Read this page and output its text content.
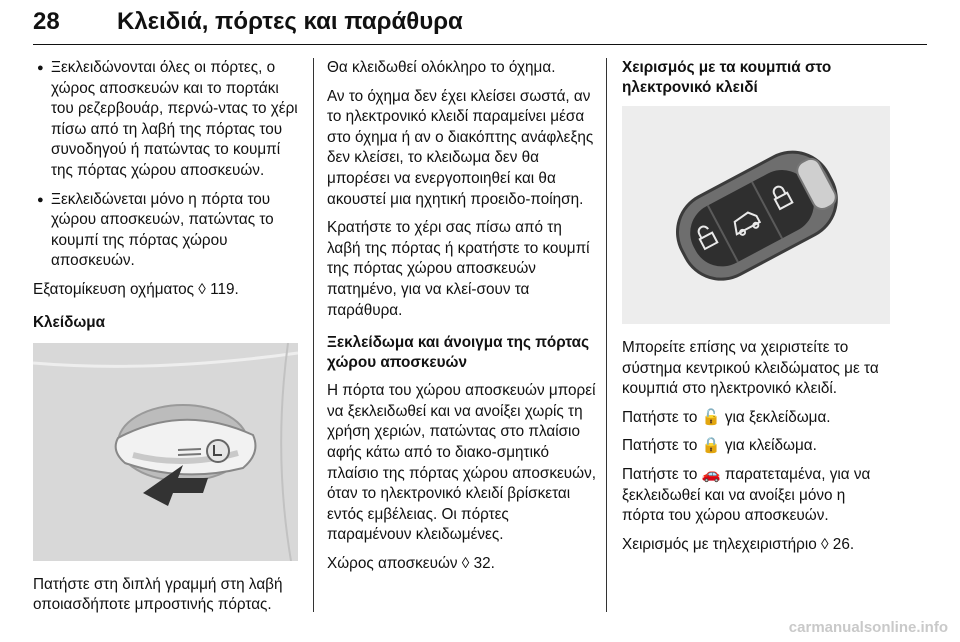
28 Κλειδιά, πόρτες και παράθυρα

● Ξεκλειδώνονται όλες οι πόρτες, ο χώρος αποσκευών και το πορτάκι του ρεζερβουάρ, περνώ-ντας το χέρι πίσω από τη λαβή της πόρτας του συνοδηγού ή πατώντας το κουμπί της πόρτας χώρου αποσκευών.

● Ξεκλειδώνεται μόνο η πόρτα του χώρου αποσκευών, πατώντας το κουμπί της πόρτας χώρου αποσκευών.

Εξατομίκευση οχήματος ◊ 119.

Κλείδωμα

Πατήστε στη διπλή γραμμή στη λαβή οποιασδήποτε μπροστινής πόρτας.

Θα κλειδωθεί ολόκληρο το όχημα.

Αν το όχημα δεν έχει κλείσει σωστά, αν το ηλεκτρονικό κλειδί παραμείνει μέσα στο όχημα ή αν ο διακόπτης ανάφλεξης δεν κλείσει, το κλειδωμα δεν θα μπορέσει να ενεργοποιηθεί και θα ακουστεί μια ηχητική προειδο-ποίηση.

Κρατήστε το χέρι σας πίσω από τη λαβή της πόρτας ή κρατήστε το κουμπί της πόρτας χώρου αποσκευών πατημένο, για να κλεί-σουν τα παράθυρα.

Ξεκλείδωμα και άνοιγμα της πόρτας χώρου αποσκευών

Η πόρτα του χώρου αποσκευών μπορεί να ξεκλειδωθεί και να ανοίξει χωρίς τη χρήση χεριών, πατώντας στο πλαίσιο αφής κάτω από το διακο-σμητικό πλαίσιο της πόρτας χώρου αποσκευών, όταν το ηλεκτρονικό κλειδί βρίσκεται εντός εμβέλειας. Οι πόρτες παραμένουν κλειδωμένες.

Χώρος αποσκευών ◊ 32.

Χειρισμός με τα κουμπιά στο ηλεκτρονικό κλειδί

Μπορείτε επίσης να χειριστείτε το σύστημα κεντρικού κλειδώματος με τα κουμπιά στο ηλεκτρονικό κλειδί.

Πατήστε το 🔓 για ξεκλείδωμα.

Πατήστε το 🔒 για κλείδωμα.

Πατήστε το 🚗 παρατεταμένα, για να ξεκλειδωθεί και να ανοίξει μόνο η πόρτα του χώρου αποσκευών.

Χειρισμός με τηλεχειριστήριο ◊ 26.

carmanualsonline.info
